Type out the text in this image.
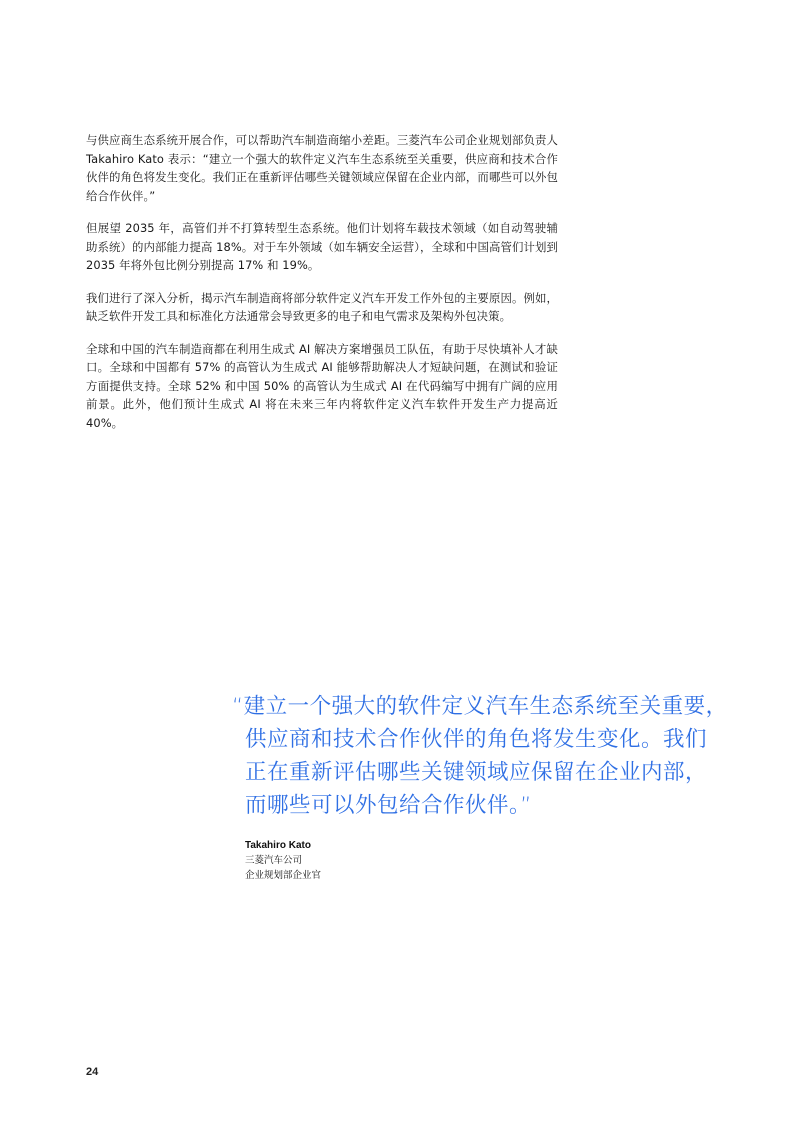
与供应商生态系统开展合作，可以帮助汽车制造商缩小差距。三菱汽车公司企业规划部负责人 Takahiro Kato 表示：“建立一个强大的软件定义汽车生态系统至关重要，供应商和技术合作伙伴的角色将发生变化。我们正在重新评估哪些关键领域应保留在企业内部，而哪些可以外包给合作伙伴。”

但展望 2035 年，高管们并不打算转型生态系统。他们计划将车载技术领域（如自动驾驶辅助系统）的内部能力提高 18%。对于车外领域（如车辆安全运营），全球和中国高管们计划到 2035 年将外包比例分别提高 17% 和 19%。

我们进行了深入分析，揭示汽车制造商将部分软件定义汽车开发工作外包的主要原因。例如，缺乏软件开发工具和标准化方法通常会导致更多的电子和电气需求及架构外包决策。

全球和中国的汽车制造商都在利用生成式 AI 解决方案增强员工队伍，有助于尽快填补人才缺口。全球和中国都有 57% 的高管认为生成式 AI 能够帮助解决人才短缺问题，在测试和验证方面提供支持。全球 52% 和中国 50% 的高管认为生成式 AI 在代码编写中拥有广阔的应用前景。此外，他们预计生成式 AI 将在未来三年内将软件定义汽车软件开发生产力提高近 40%。

“建立一个强大的软件定义汽车生态系统至关重要，
供应商和技术合作伙伴的角色将发生变化。我们
正在重新评估哪些关键领域应保留在企业内部，
而哪些可以外包给合作伙伴。”

Takahiro Kato
三菱汽车公司
企业规划部企业官
24
